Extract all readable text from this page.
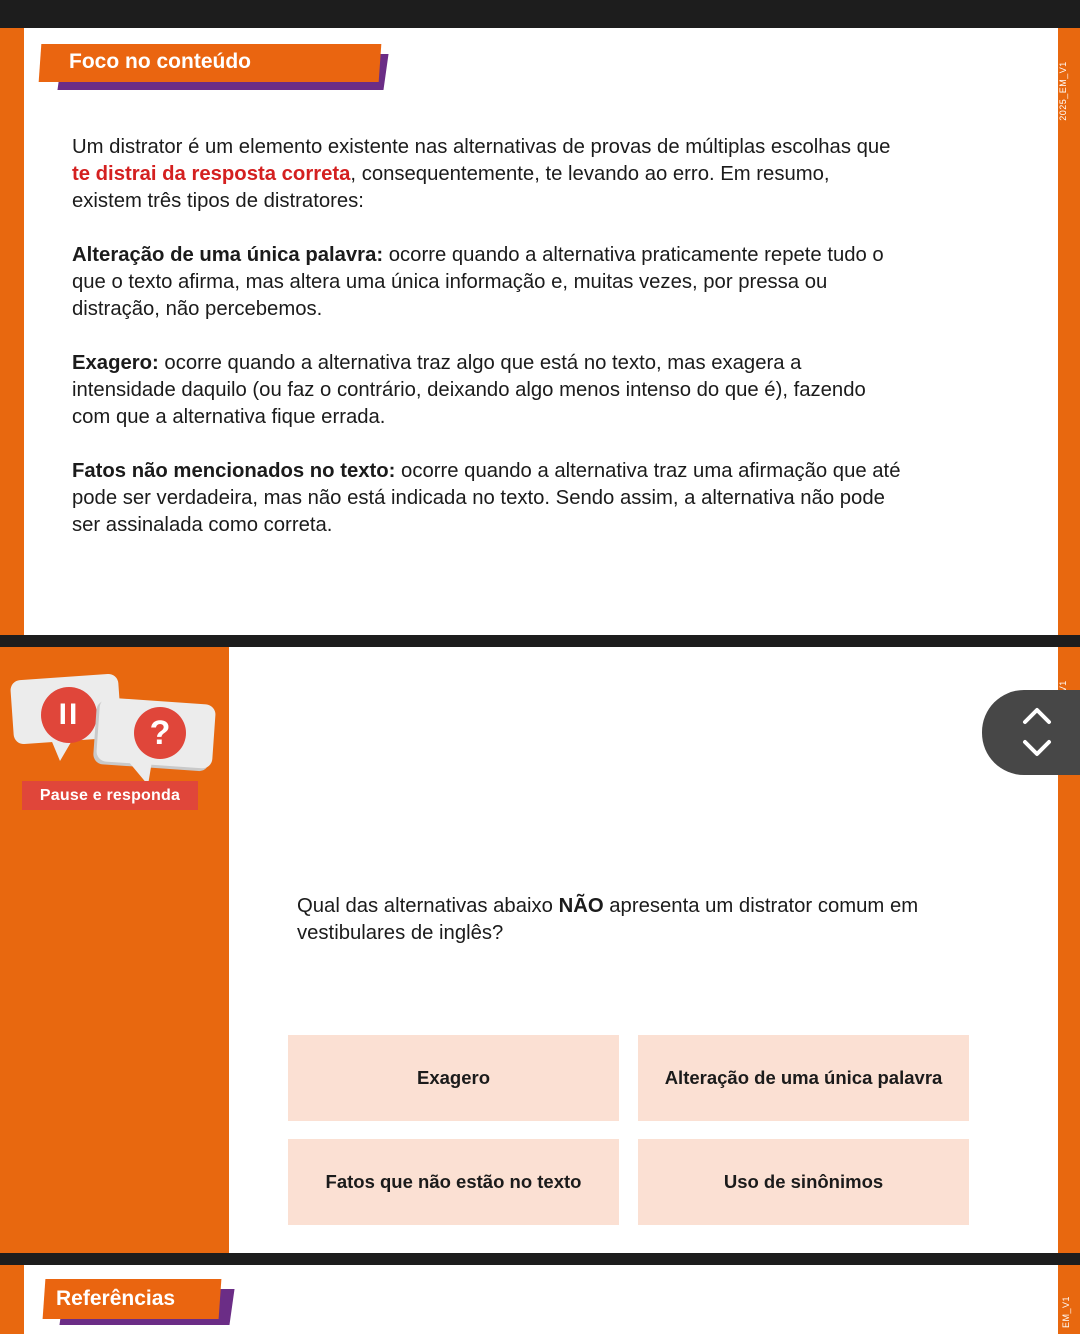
2025_EM_V1
Foco no conteúdo

Um distrator é um elemento existente nas alternativas de provas de múltiplas escolhas que te distrai da resposta correta, consequentemente, te levando ao erro. Em resumo, existem três tipos de distratores:

Alteração de uma única palavra: ocorre quando a alternativa praticamente repete tudo o que o texto afirma, mas altera uma única informação e, muitas vezes, por pressa ou distração, não percebemos.

Exagero: ocorre quando a alternativa traz algo que está no texto, mas exagera a intensidade daquilo (ou faz o contrário, deixando algo menos intenso do que é), fazendo com que a alternativa fique errada.

Fatos não mencionados no texto: ocorre quando a alternativa traz uma afirmação que até pode ser verdadeira, mas não está indicada no texto. Sendo assim, a alternativa não pode ser assinalada como correta.

II	?
Pause e responda
Qual das alternativas abaixo NÃO apresenta um distrator comum em vestibulares de inglês?
Exagero	Alteração de uma única palavra
Fatos que não estão no texto	Uso de sinônimos
EM_V1
Referências
